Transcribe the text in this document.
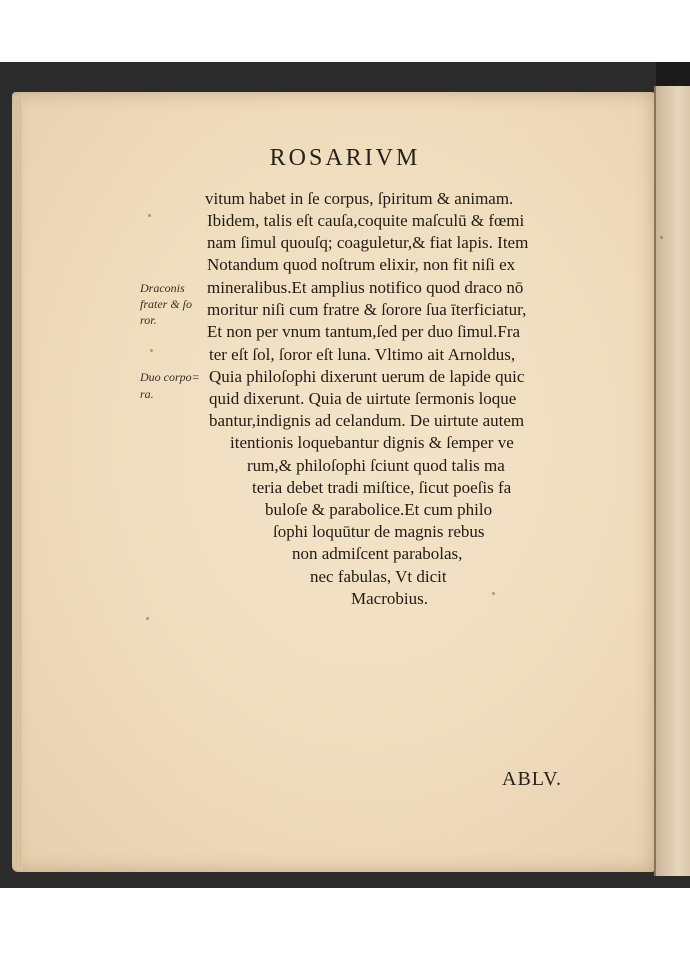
ROSARIVM
vitum habet in ſe corpus, ſpiritum & animam.
Ibidem, talis eſt cauſa,coquite maſculū & fœmi
nam ſimul quouſq; coaguletur,& fiat lapis. Item
Notandum quod noſtrum elixir, non fit niſi ex
mineralibus.Et amplius notifico quod draco nō
moritur niſi cum fratre & ſorore ſua īterficiatur,
Et non per vnum tantum,ſed per duo ſimul.Fra
ter eſt ſol, ſoror eſt luna. Vltimo ait Arnoldus,
Quia philoſophi dixerunt uerum de lapide quic
quid dixerunt. Quia de uirtute ſermonis loque
bantur,indignis ad celandum. De uirtute autem
itentionis loquebantur dignis & ſemper ve
rum,& philoſophi ſciunt quod talis ma
teria debet tradi miſtice, ſicut poeſis fa
buloſe & parabolice.Et cum philo
ſophi loquūtur de magnis rebus
non admiſcent parabolas,
nec fabulas, Vt dicit
Macrobius.
Draconis
frater & ſo
ror.
Duo corpo=
ra.
ABLV.
